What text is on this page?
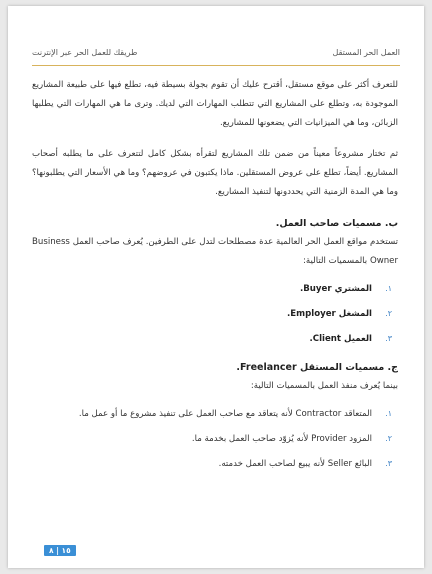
العمل الحر المستقل
طريقك للعمل الحر عبر الإنترنت

للتعرف أكثر على موقع مستقل، أقترح عليك أن تقوم بجولة بسيطة فيه، تطلع فيها على طبيعة المشاريع الموجودة به، وتطلع على المشاريع التي تتطلب المهارات التي لديك. وترى ما هي المهارات التي يطلبها الزبائن، وما هي الميزانيات التي يضعونها للمشاريع.

ثم تختار مشروعاً معيناً من ضمن تلك المشاريع لتقرأه بشكل كامل لتتعرف على ما يطلبه أصحاب المشاريع. أيضاً، تطلع على عروض المستقلين. ماذا يكتبون في عروضهم؟ وما هي الأسعار التي يطلبونها؟ وما هي المدة الزمنية التي يحددونها لتنفيذ المشاريع.

ب. مسميات صاحب العمل.

تستخدم مواقع العمل الحر العالمية عدة مصطلحات لتدل على الطرفين. يُعرف صاحب العمل Business Owner بالمسميات التالية:

١.
المشتري Buyer.
٢.
المشغل Employer.
٣.
العميل Client.
ج. مسميات المستقل Freelancer.

بينما يُعرف منفذ العمل بالمسميات التالية:

١.
المتعاقد Contractor لأنه يتعاقد مع صاحب العمل على تنفيذ مشروع ما أو عمل ما.
٢.
المزود Provider لأنه يُزوّد صاحب العمل بخدمة ما.
٣.
البائع Seller لأنه يبيع لصاحب العمل خدمته.
١٥ | ٨
